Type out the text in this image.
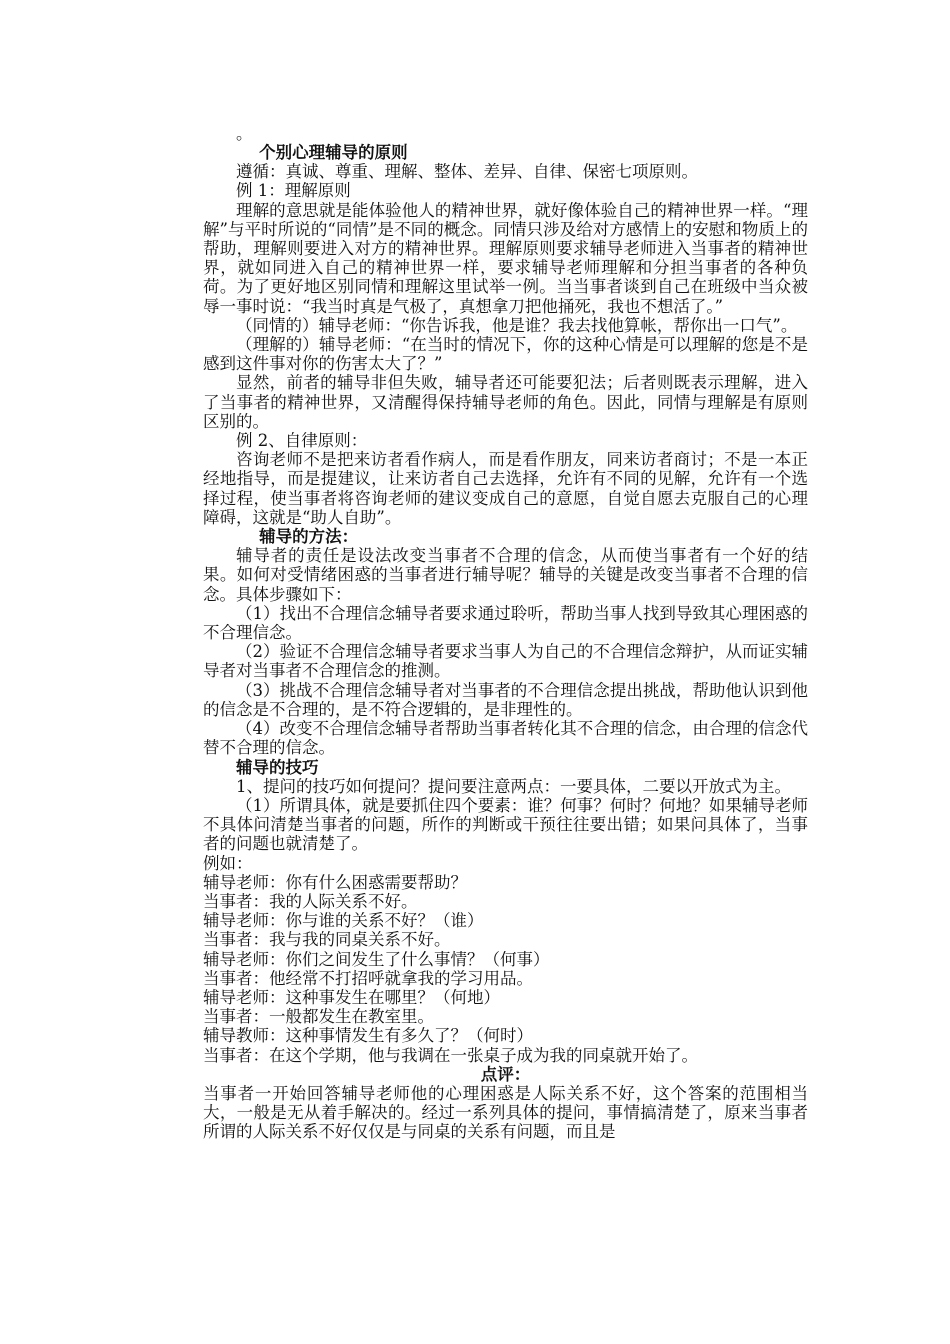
。

个别心理辅导的原则

遵循：真诚、尊重、理解、整体、差异、自律、保密七项原则。

例 1：理解原则

理解的意思就是能体验他人的精神世界，就好像体验自己的精神世界一样。“理解”与平时所说的“同情”是不同的概念。同情只涉及给对方感情上的安慰和物质上的帮助，理解则要进入对方的精神世界。理解原则要求辅导老师进入当事者的精神世界，就如同进入自己的精神世界一样，要求辅导老师理解和分担当事者的各种负荷。为了更好地区别同情和理解这里试举一例。当当事者谈到自己在班级中当众被辱一事时说：“我当时真是气极了，真想拿刀把他捅死，我也不想活了。”

（同情的）辅导老师：“你告诉我，他是谁？我去找他算帐，帮你出一口气”。

（理解的）辅导老师：“在当时的情况下，你的这种心情是可以理解的您是不是感到这件事对你的伤害太大了？”

显然，前者的辅导非但失败，辅导者还可能要犯法；后者则既表示理解，进入了当事者的精神世界，又清醒得保持辅导老师的角色。因此，同情与理解是有原则区别的。

例 2、自律原则：

咨询老师不是把来访者看作病人，而是看作朋友，同来访者商讨；不是一本正经地指导，而是提建议，让来访者自己去选择，允许有不同的见解，允许有一个选择过程，使当事者将咨询老师的建议变成自己的意愿，自觉自愿去克服自己的心理障碍，这就是“助人自助”。

辅导的方法：

辅导者的责任是设法改变当事者不合理的信念，从而使当事者有一个好的结果。如何对受情绪困惑的当事者进行辅导呢？辅导的关键是改变当事者不合理的信念。具体步骤如下：

（1）找出不合理信念辅导者要求通过聆听，帮助当事人找到导致其心理困惑的不合理信念。

（2）验证不合理信念辅导者要求当事人为自己的不合理信念辩护，从而证实辅导者对当事者不合理信念的推测。

（3）挑战不合理信念辅导者对当事者的不合理信念提出挑战，帮助他认识到他的信念是不合理的，是不符合逻辑的，是非理性的。

（4）改变不合理信念辅导者帮助当事者转化其不合理的信念，由合理的信念代替不合理的信念。

辅导的技巧

1、提问的技巧如何提问？提问要注意两点：一要具体，二要以开放式为主。

（1）所谓具体，就是要抓住四个要素：谁？何事？何时？何地？如果辅导老师不具体问清楚当事者的问题，所作的判断或干预往往要出错；如果问具体了，当事者的问题也就清楚了。

例如：

辅导老师：你有什么困惑需要帮助？

当事者：我的人际关系不好。

辅导老师：你与谁的关系不好？（谁）

当事者：我与我的同桌关系不好。

辅导老师：你们之间发生了什么事情？（何事）

当事者：他经常不打招呼就拿我的学习用品。

辅导老师：这种事发生在哪里？（何地）

当事者：一般都发生在教室里。

辅导教师：这种事情发生有多久了？（何时）

当事者：在这个学期，他与我调在一张桌子成为我的同桌就开始了。

点评：

当事者一开始回答辅导老师他的心理困惑是人际关系不好，这个答案的范围相当大，一般是无从着手解决的。经过一系列具体的提问，事情搞清楚了，原来当事者所谓的人际关系不好仅仅是与同桌的关系有问题，而且是
